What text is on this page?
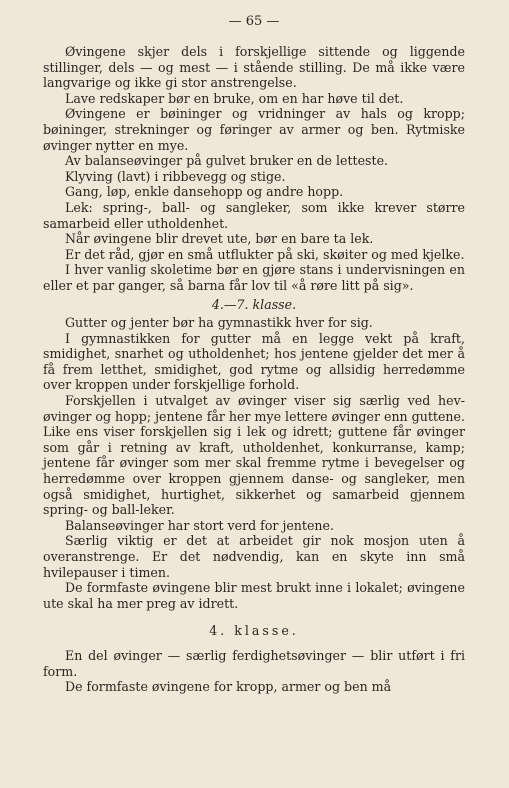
— 65 —

Øvingene skjer dels i forskjellige sittende og liggende stillinger, dels — og mest — i stående stilling. De må ikke være langvarige og ikke gi stor anstrengelse.

Lave redskaper bør en bruke, om en har høve til det.

Øvingene er bøininger og vridninger av hals og kropp; bøininger, strekninger og føringer av armer og ben. Rytmiske øvinger nytter en mye.

Av balanseøvinger på gulvet bruker en de letteste.

Klyving (lavt) i ribbevegg og stige.

Gang, løp, enkle dansehopp og andre hopp.

Lek: spring-, ball- og sangleker, som ikke krever større samarbeid eller utholdenhet.

Når øvingene blir drevet ute, bør en bare ta lek.

Er det råd, gjør en små utflukter på ski, skøiter og med kjelke.

I hver vanlig skoletime bør en gjøre stans i undervisningen en eller et par ganger, så barna får lov til «å røre litt på sig».

4.—7. klasse.

Gutter og jenter bør ha gymnastikk hver for sig.

I gymnastikken for gutter må en legge vekt på kraft, smidighet, snarhet og utholdenhet; hos jentene gjelder det mer å få frem letthet, smidighet, god rytme og allsidig herredømme over kroppen under forskjellige forhold.

Forskjellen i utvalget av øvinger viser sig særlig ved hev-øvinger og hopp; jentene får her mye lettere øvinger enn guttene. Like ens viser forskjellen sig i lek og idrett; guttene får øvinger som går i retning av kraft, utholdenhet, konkurranse, kamp; jentene får øvinger som mer skal fremme rytme i bevegelser og herredømme over kroppen gjennem danse- og sangleker, men også smidighet, hurtighet, sikkerhet og samarbeid gjennem spring- og ball-leker.

Balanseøvinger har stort verd for jentene.

Særlig viktig er det at arbeidet gir nok mosjon uten å overanstrenge. Er det nødvendig, kan en skyte inn små hvilepauser i timen.

De formfaste øvingene blir mest brukt inne i lokalet; øvingene ute skal ha mer preg av idrett.

4. klasse.

En del øvinger — særlig ferdighetsøvinger — blir utført i fri form.

De formfaste øvingene for kropp, armer og ben må
